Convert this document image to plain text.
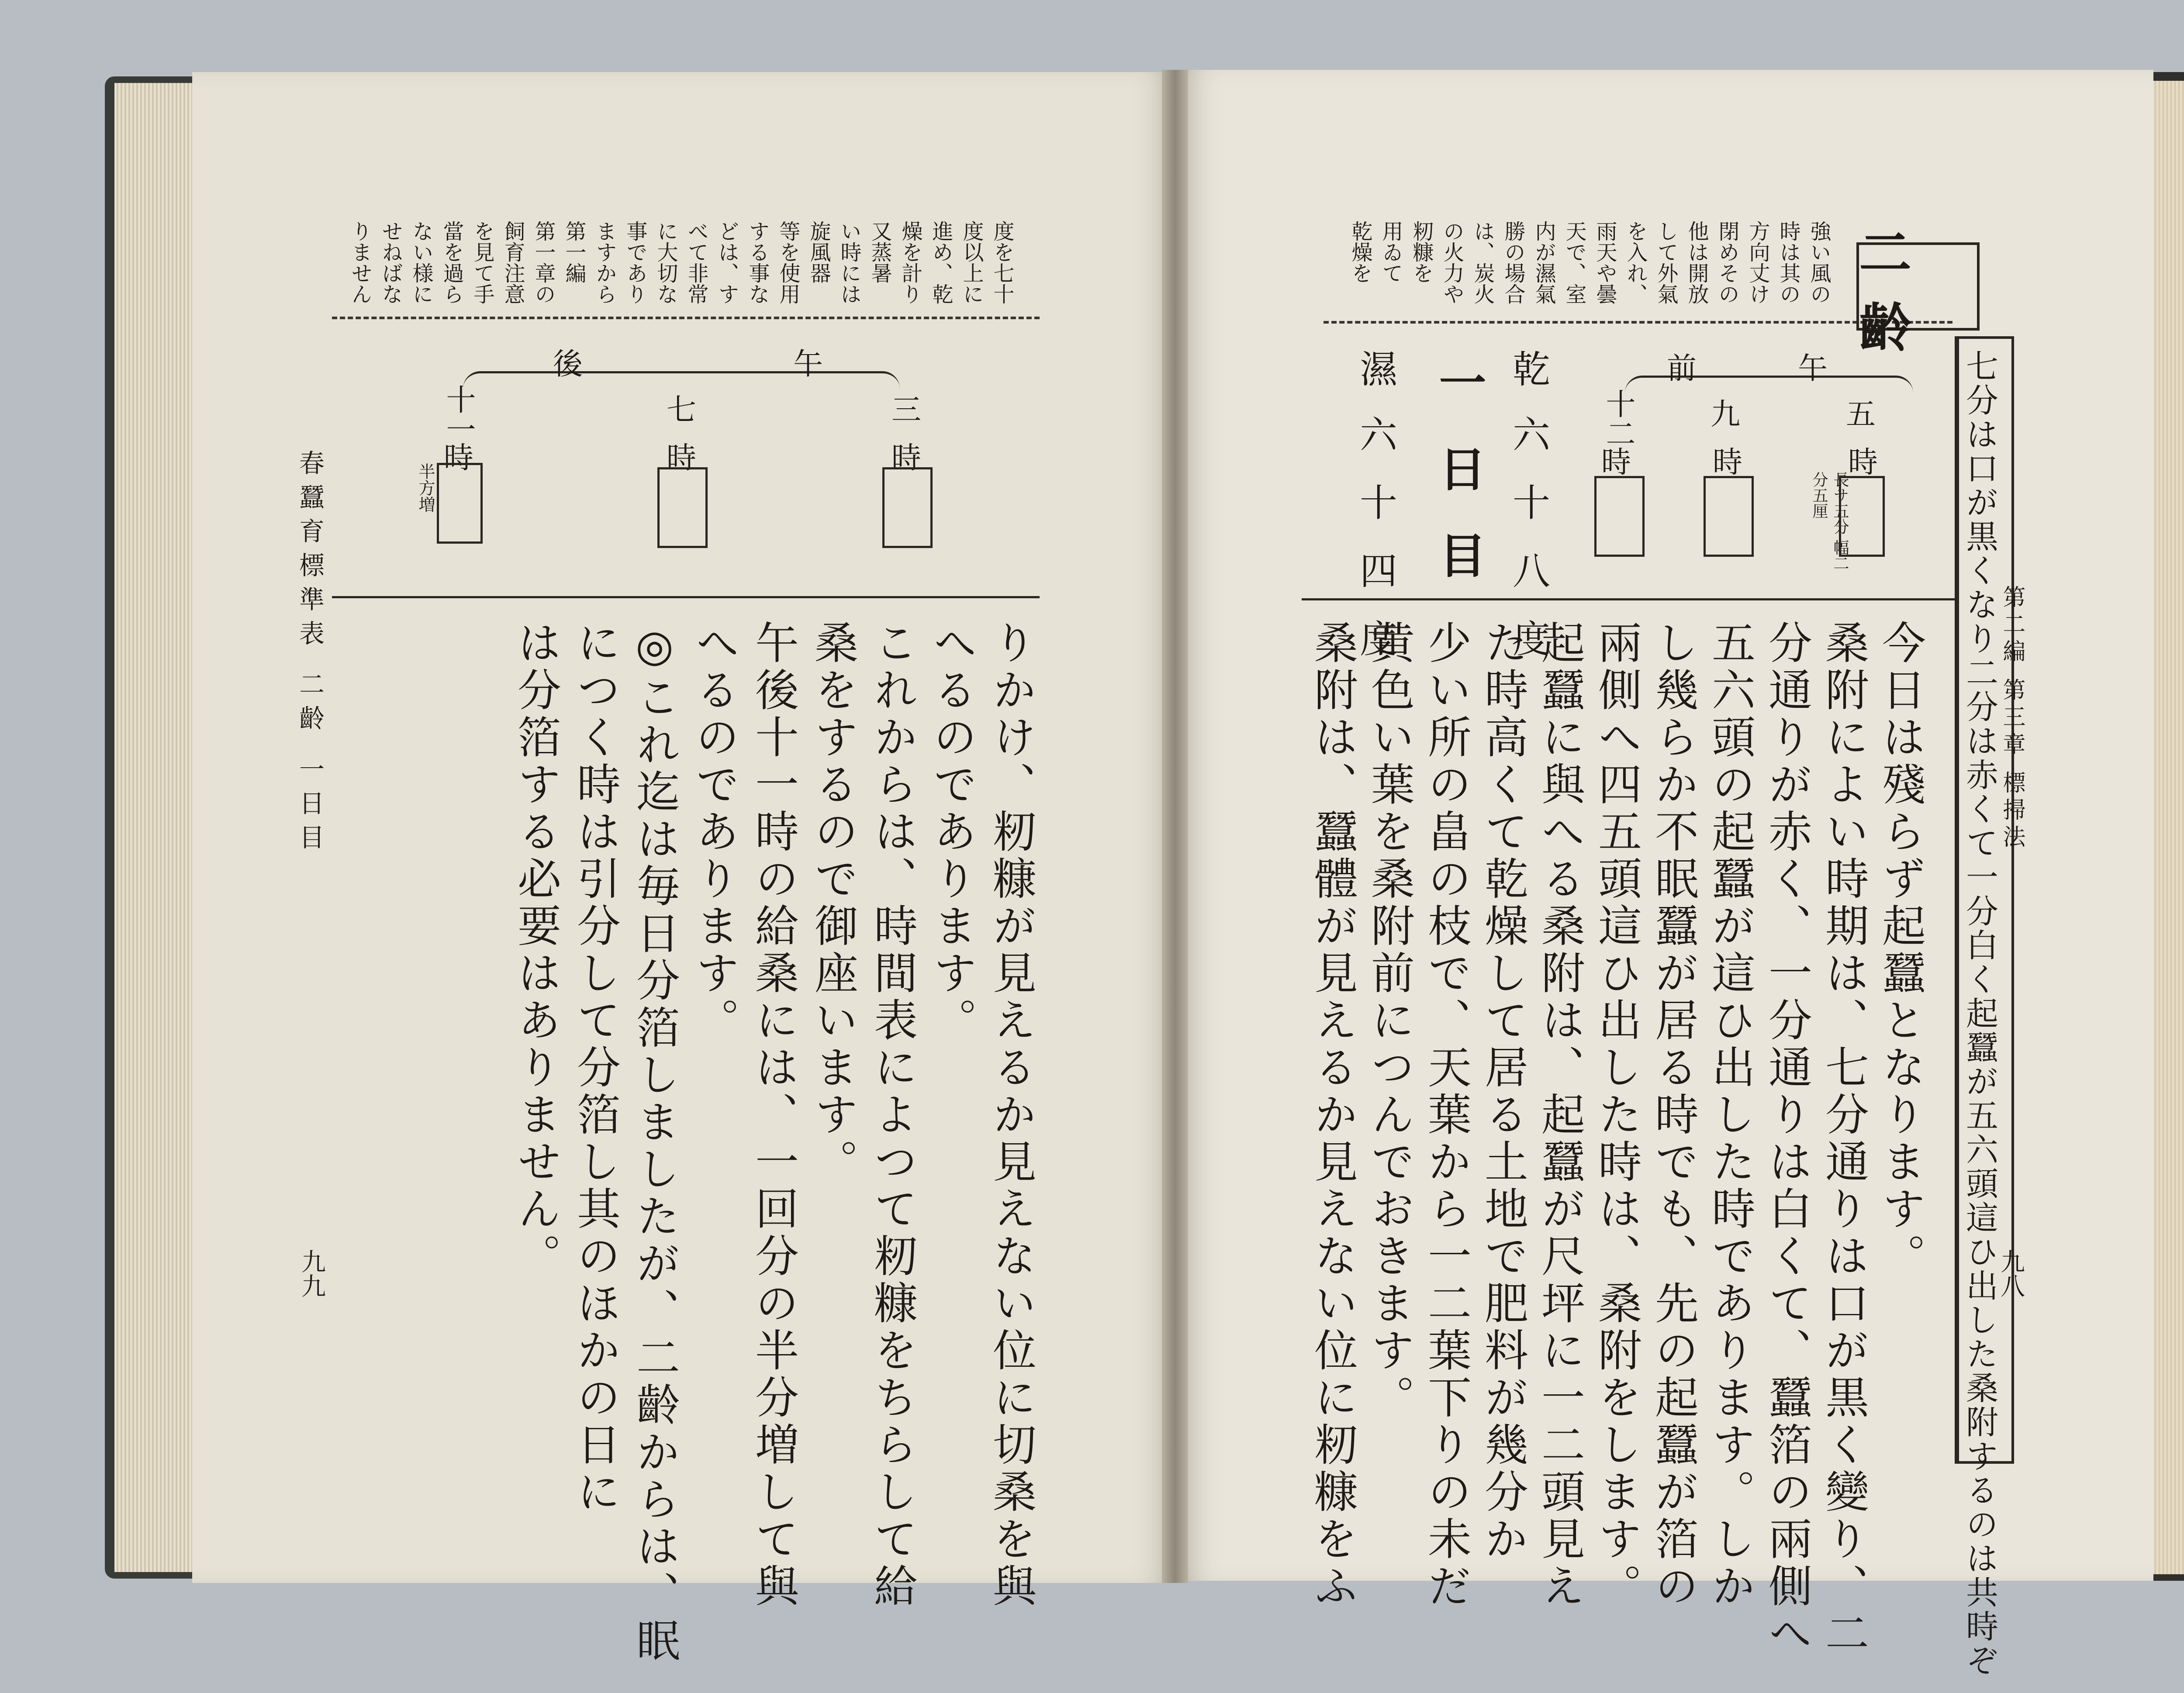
度を七十
度以上に
進め、乾
燥を計り
又蒸暑
い時には
旋風器
等を使用
する事な
どは、す
べて非常
に大切な
事であり
ますから
第一編
第一章の
飼育注意
を見て手
當を過ら
ない様に
せねばな
りません
後	午
十一
時
半方増
七
時
三
時
春蠶育標準表 二齡 一日目
九九	りかけ、籾糠が見えるか見えない位に切桑を與
へるのであります。
これからは、時間表によつて籾糠をちらして給
桑をするので御座います。
午後十一時の給桑には、一回分の半分増して與
へるのであります。
◎これ迄は毎日分箔しましたが、二齡からは、眠
につく時は引分して分箔し其のほかの日に
は分箔する必要はありません。
強い風の
時は其の
方向丈け
閉めその
他は開放
して外氣
を入れ、
雨天や曇
天で、室
内が濕氣
勝の場合
は、炭火
の火力や
籾糠を
用ゐて
乾燥を	二齡
前	午
十二
時
九
時
五
時
長サ五分 幅二分五厘
乾
六十八度
一日目
濕
六十四度	七分は口が黒くなり二分は赤くて一分白く起蠶が五六頭這ひ出した桑附するのは共時ぞ 第二編 第三章 標掃法
九八
今日は殘らず起蠶となります。
桑附によい時期は、七分通りは口が黒く變り、二
分通りが赤く、一分通りは白くて、蠶箔の兩側へ
五六頭の起蠶が這ひ出した時であります。しか
し幾らか不眠蠶が居る時でも、先の起蠶が箔の
兩側へ四五頭這ひ出した時は、桑附をします。
起蠶に與へる桑附は、起蠶が尺坪に一二頭見え
た時高くて乾燥して居る土地で肥料が幾分か
少い所の畠の枝で、天葉から一二葉下りの未だ
黄色い葉を桑附前につんでおきます。
桑附は、蠶體が見えるか見えない位に籾糠をふ
